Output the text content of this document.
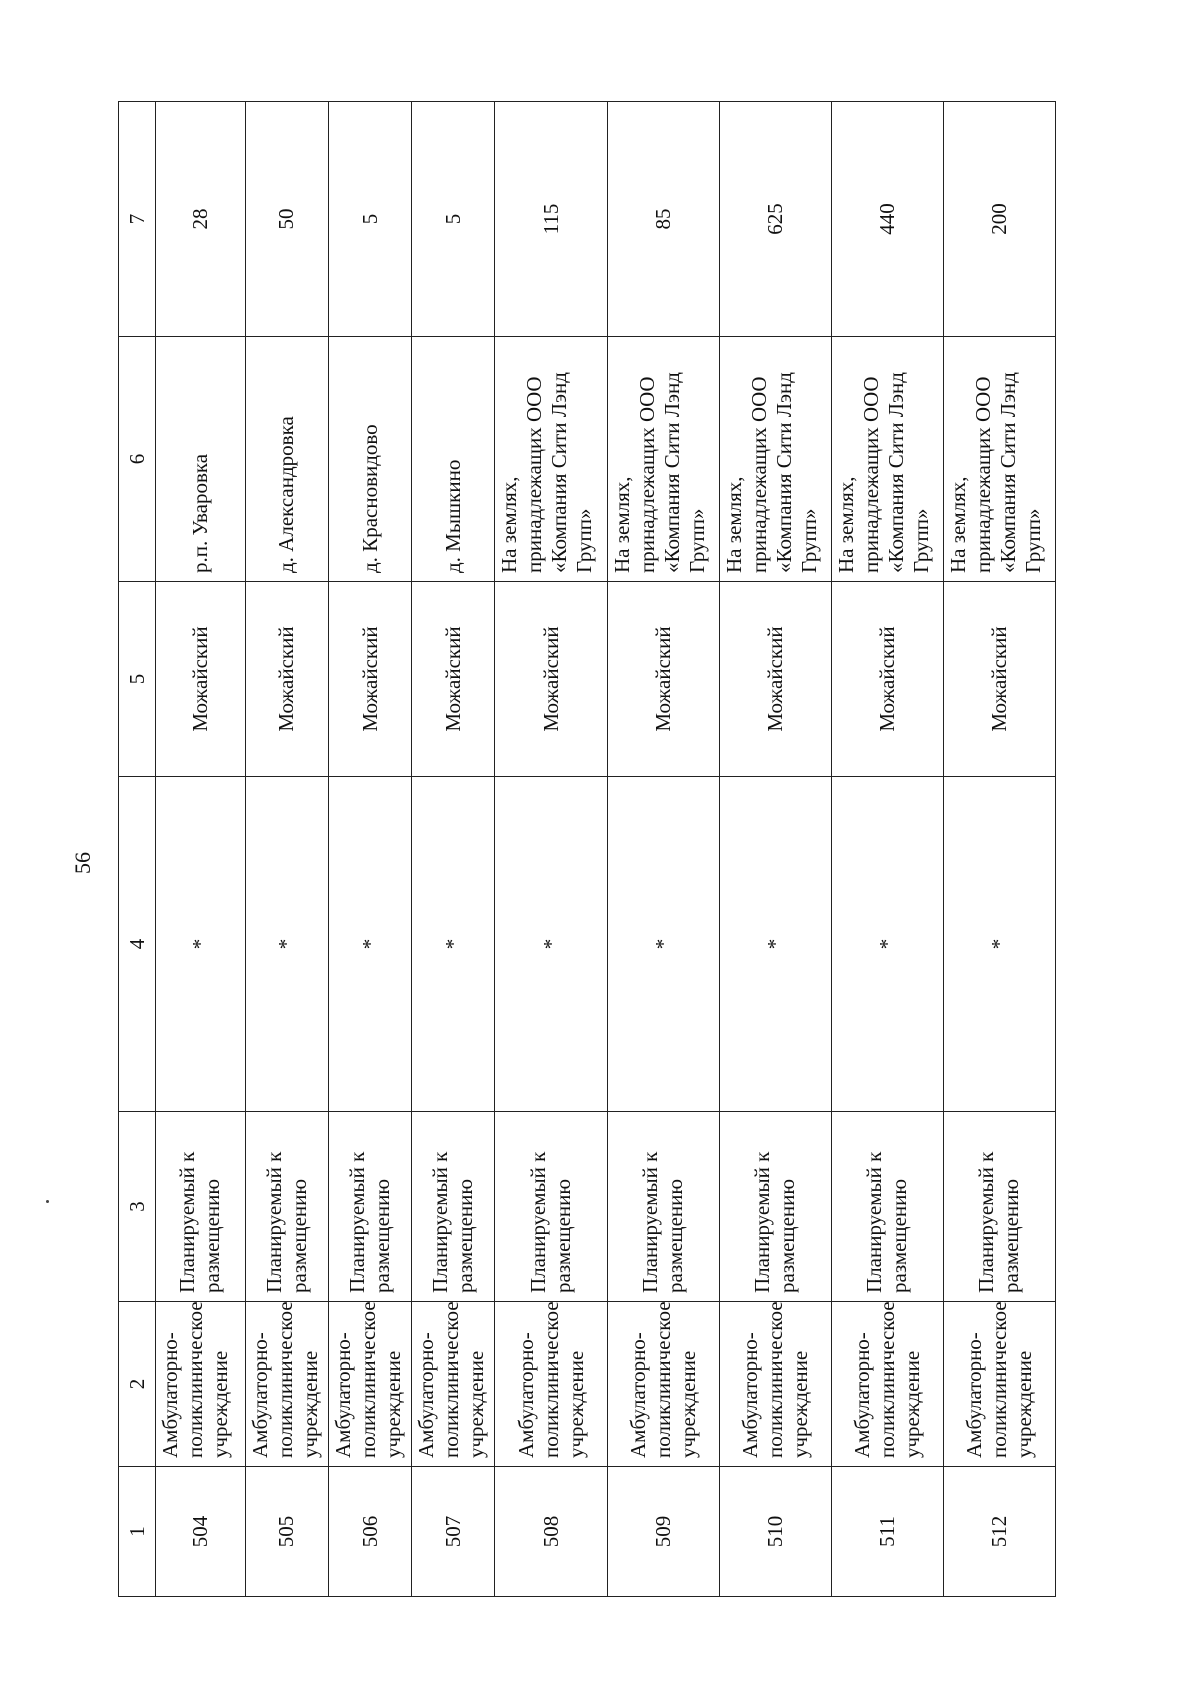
56
1	2	3	4	5	6	7
504	Амбулаторно-поликлиническое учреждение	Планируемый к размещению	*	Можайский	р.п. Уваровка	28
505	Амбулаторно-поликлиническое учреждение	Планируемый к размещению	*	Можайский	д. Александровка	50
506	Амбулаторно-поликлиническое учреждение	Планируемый к размещению	*	Можайский	д. Красновидово	5
507	Амбулаторно-поликлиническое учреждение	Планируемый к размещению	*	Можайский	д. Мышкино	5
508	Амбулаторно-поликлиническое учреждение	Планируемый к размещению	*	Можайский	На землях, принадлежащих ООО «Компания Сити Лэнд Групп»	115
509	Амбулаторно-поликлиническое учреждение	Планируемый к размещению	*	Можайский	На землях, принадлежащих ООО «Компания Сити Лэнд Групп»	85
510	Амбулаторно-поликлиническое учреждение	Планируемый к размещению	*	Можайский	На землях, принадлежащих ООО «Компания Сити Лэнд Групп»	625
511	Амбулаторно-поликлиническое учреждение	Планируемый к размещению	*	Можайский	На землях, принадлежащих ООО «Компания Сити Лэнд Групп»	440
512	Амбулаторно-поликлиническое учреждение	Планируемый к размещению	*	Можайский	На землях, принадлежащих ООО «Компания Сити Лэнд Групп»	200
